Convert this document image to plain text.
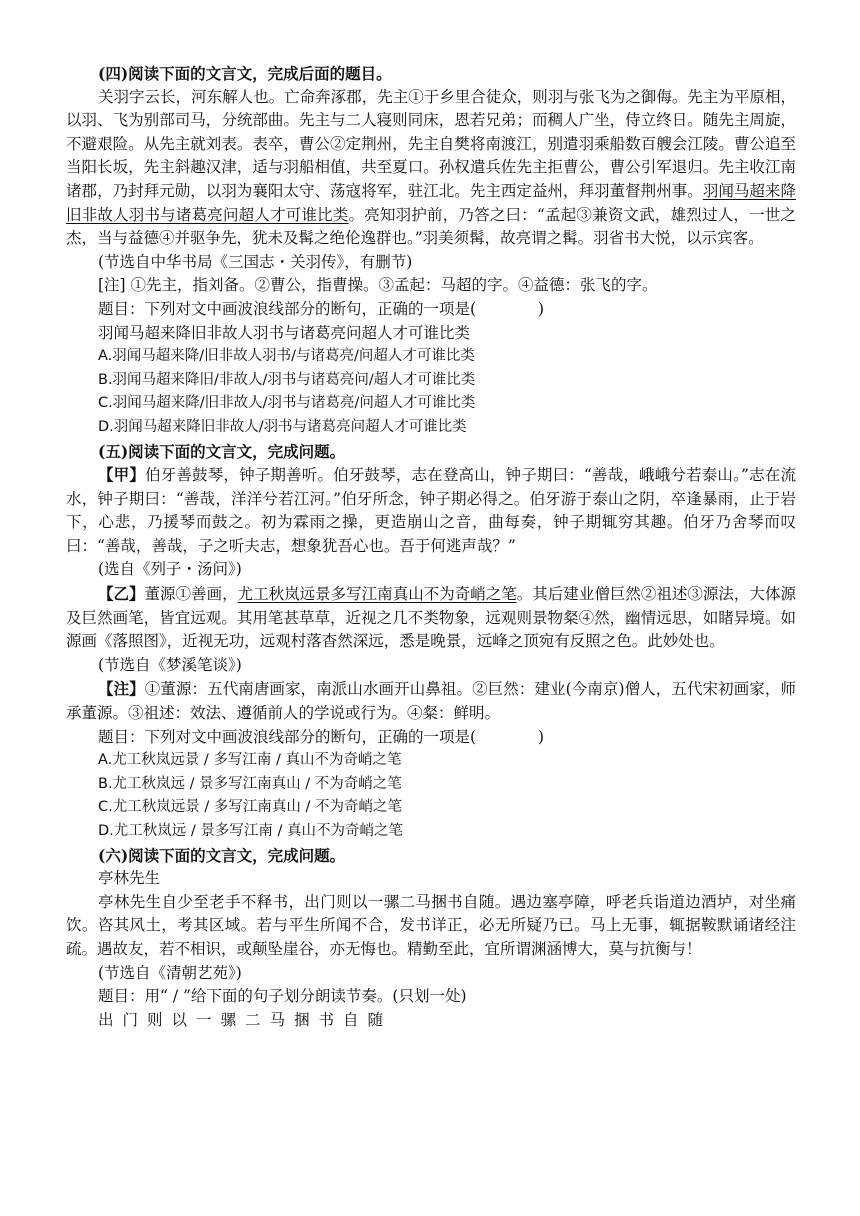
(四)阅读下面的文言文，完成后面的题目。
关羽字云长，河东解人也。亡命奔涿郡，先主①于乡里合徒众，则羽与张飞为之御侮。先主为平原相，以羽、飞为别部司马，分统部曲。先主与二人寝则同床，恩若兄弟；而稠人广坐，侍立终日。随先主周旋，不避艰险。从先主就刘表。表卒，曹公②定荆州，先主自樊将南渡江，别遣羽乘船数百艘会江陵。曹公追至当阳长坂，先主斜趣汉津，适与羽船相值，共至夏口。孙权遣兵佐先主拒曹公，曹公引军退归。先主收江南诸郡，乃封拜元勋，以羽为襄阳太守、荡寇将军，驻江北。先主西定益州，拜羽董督荆州事。羽闻马超来降旧非故人羽书与诸葛亮问超人才可谁比类。亮知羽护前，乃答之曰：“孟起③兼资文武，雄烈过人，一世之杰，当与益德④并驱争先，犹未及髯之绝伦逸群也。”羽美须髯，故亮谓之髯。羽省书大悦，以示宾客。
(节选自中华书局《三国志・关羽传》，有删节)
[注] ①先主，指刘备。②曹公，指曹操。③孟起：马超的字。④益德：张飞的字。
题目：下列对文中画波浪线部分的断句，正确的一项是(　　　　)
羽闻马超来降旧非故人羽书与诸葛亮问超人才可谁比类
A.羽闻马超来降/旧非故人羽书/与诸葛亮/问超人才可谁比类
B.羽闻马超来降旧/非故人/羽书与诸葛亮问/超人才可谁比类
C.羽闻马超来降/旧非故人/羽书与诸葛亮/问超人才可谁比类
D.羽闻马超来降旧非故人/羽书与诸葛亮问超人才可谁比类
(五)阅读下面的文言文，完成问题。
【甲】伯牙善鼓琴，钟子期善听。伯牙鼓琴，志在登高山，钟子期曰：“善哉，峨峨兮若泰山。”志在流水，钟子期曰：“善哉，洋洋兮若江河。”伯牙所念，钟子期必得之。伯牙游于泰山之阴，卒逢暴雨，止于岩下，心悲，乃援琴而鼓之。初为霖雨之操，更造崩山之音，曲每奏，钟子期辄穷其趣。伯牙乃舍琴而叹曰：“善哉，善哉，子之听夫志，想象犹吾心也。吾于何逃声哉？”
(选自《列子・汤问》)
【乙】董源①善画，尤工秋岚远景多写江南真山不为奇峭之笔。其后建业僧巨然②祖述③源法，大体源及巨然画笔，皆宜远观。其用笔甚草草，近视之几不类物象，远观则景物粲④然，幽情远思，如睹异境。如源画《落照图》，近视无功，远观村落杳然深远，悉是晚景，远峰之顶宛有反照之色。此妙处也。
(节选自《梦溪笔谈》)
【注】①董源：五代南唐画家，南派山水画开山鼻祖。②巨然：建业(今南京)僧人，五代宋初画家，师承董源。③祖述：效法、遵循前人的学说或行为。④粲：鲜明。
题目：下列对文中画波浪线部分的断句，正确的一项是(　　　　)
A.尤工秋岚远景 / 多写江南 / 真山不为奇峭之笔
B.尤工秋岚远 / 景多写江南真山 / 不为奇峭之笔
C.尤工秋岚远景 / 多写江南真山 / 不为奇峭之笔
D.尤工秋岚远 / 景多写江南 / 真山不为奇峭之笔
(六)阅读下面的文言文，完成问题。
亭林先生
亭林先生自少至老手不释书，出门则以一骡二马捆书自随。遇边塞亭障，呼老兵诣道边酒垆，对坐痛饮。咨其风土，考其区域。若与平生所闻不合，发书详正，必无所疑乃已。马上无事，辄据鞍默诵诸经注疏。遇故友，若不相识，或颠坠崖谷，亦无悔也。精勤至此，宜所谓渊涵博大，莫与抗衡与！
(节选自《清朝艺苑》)
题目：用“ / ”给下面的句子划分朗读节奏。(只划一处)
出门则以一骡二马捆书自随
